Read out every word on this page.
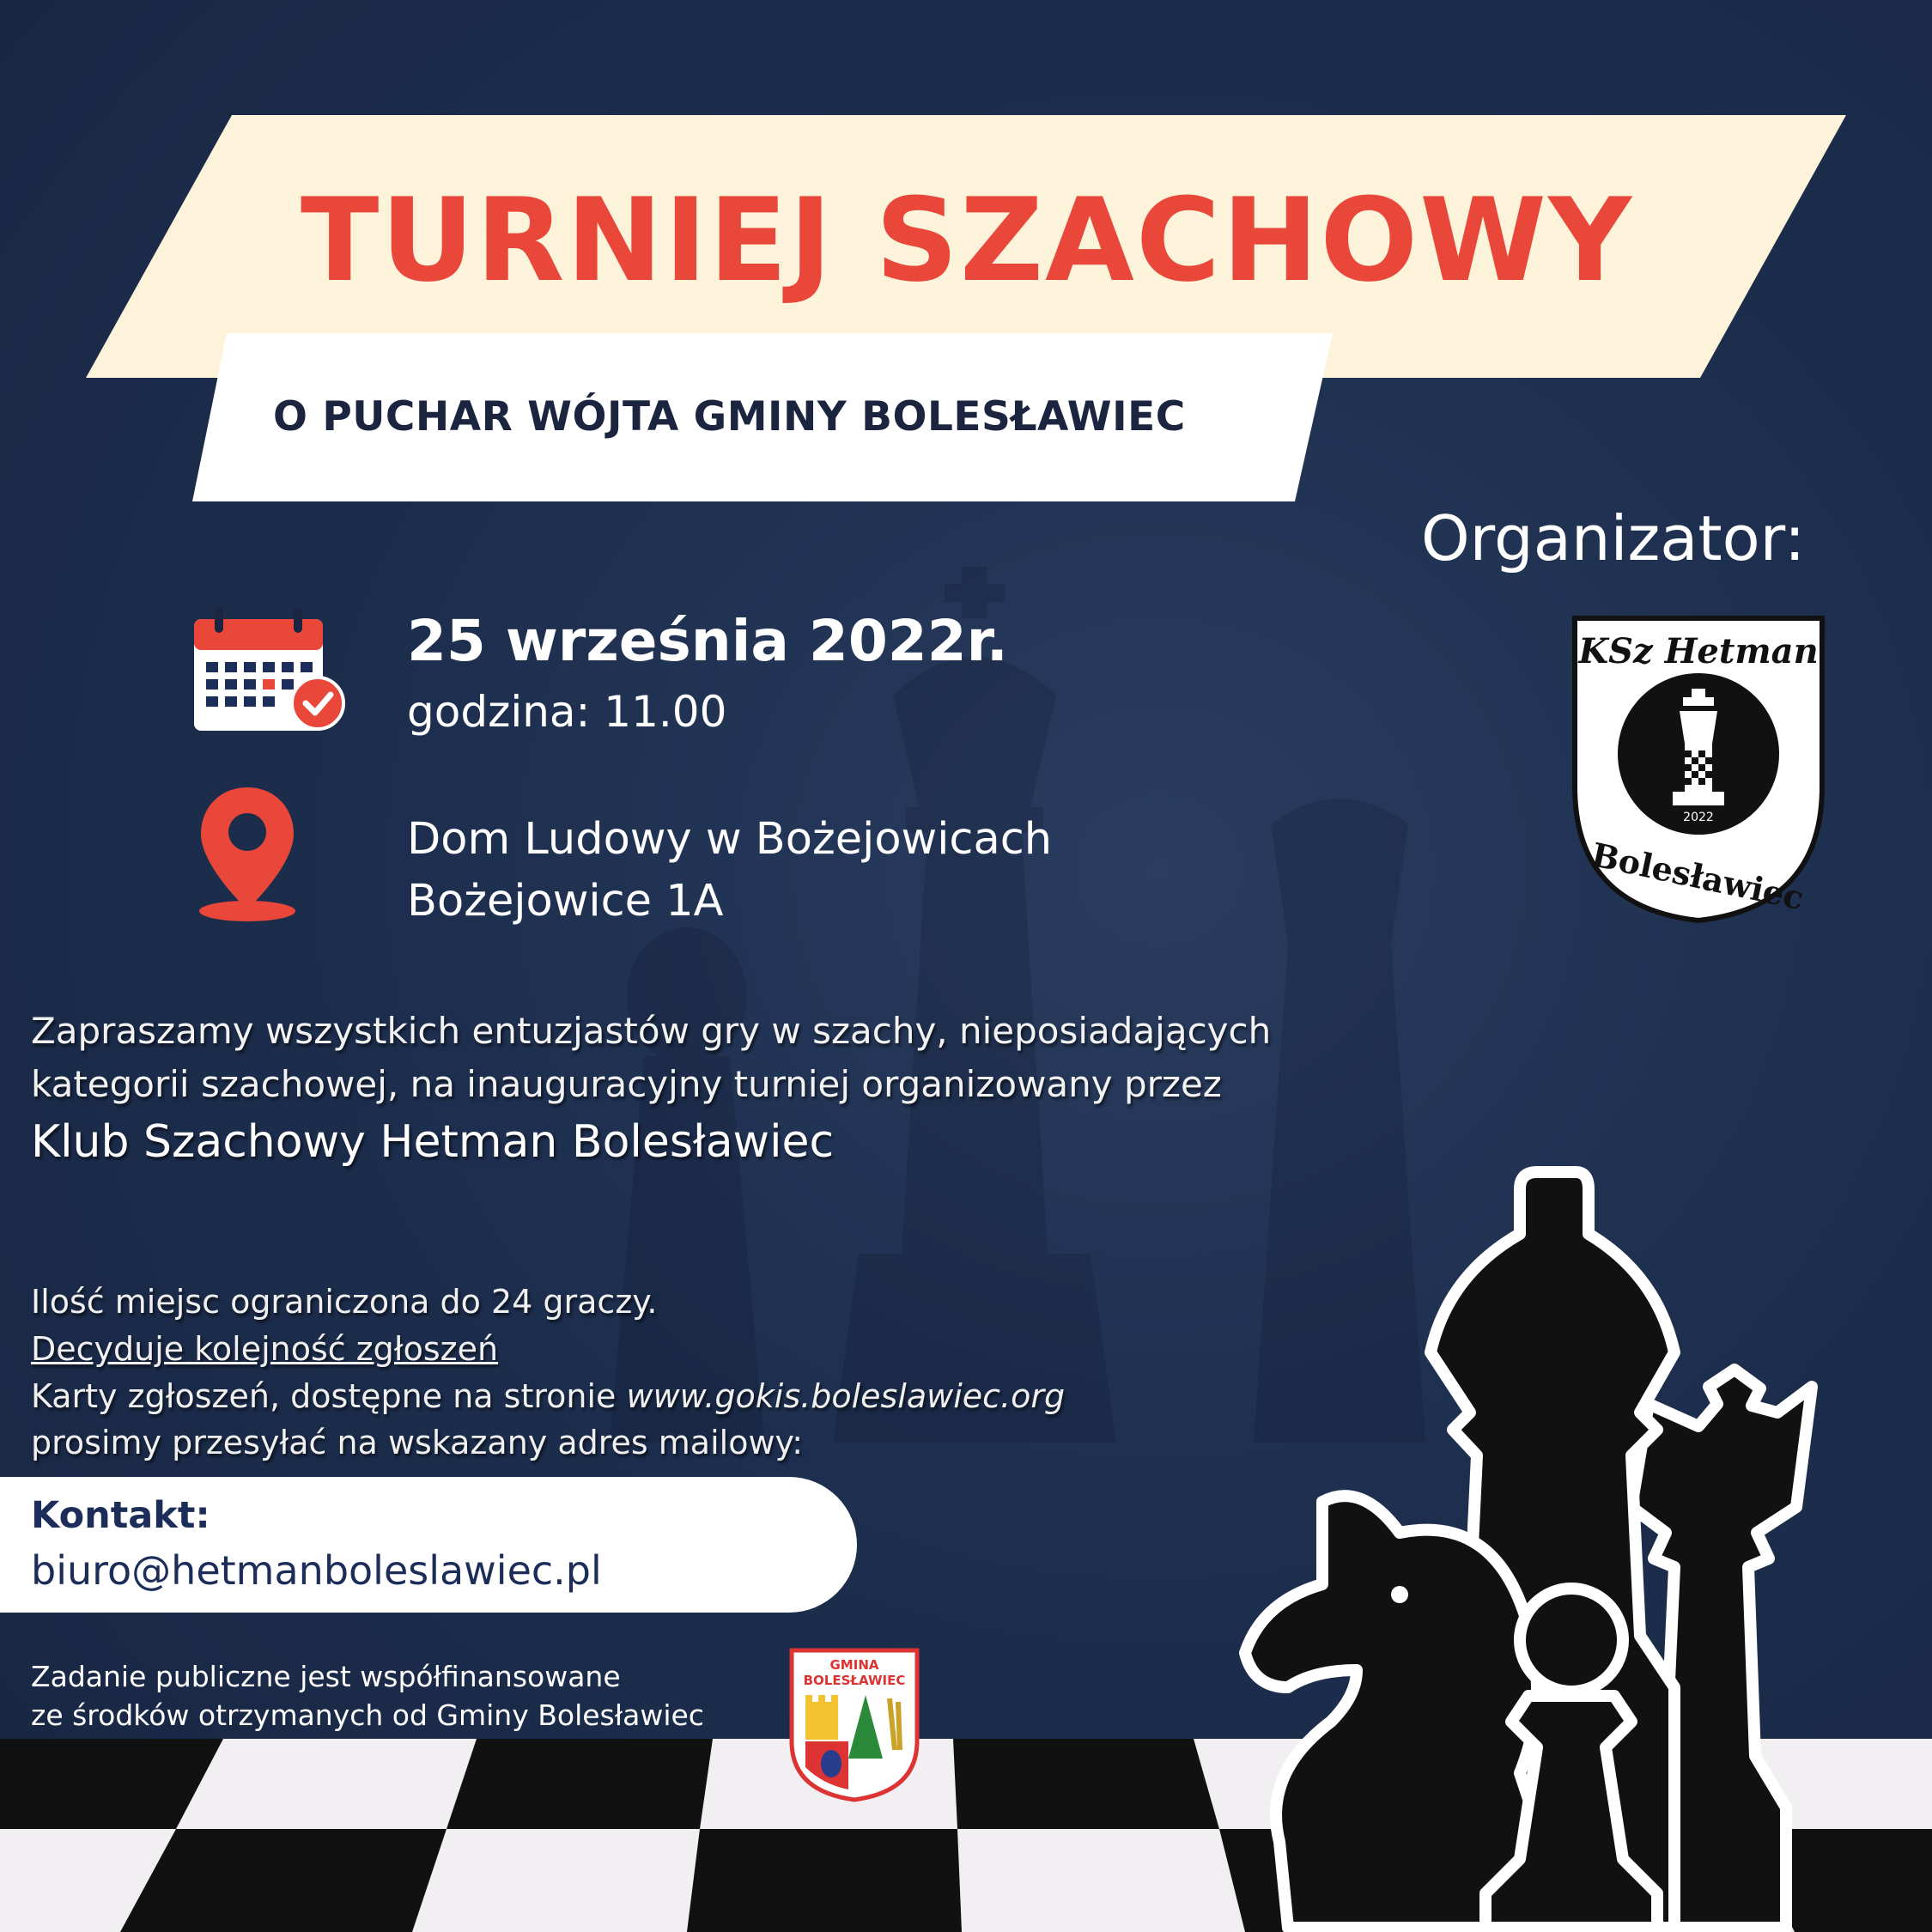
TURNIEJ SZACHOWY
O PUCHAR WÓJTA GMINY BOLESŁAWIEC
Organizator:
KSz Hetman
2022
Bolesławiec
25 września 2022r.
godzina: 11.00
Dom Ludowy w Bożejowicach
Bożejowice 1A
Zapraszamy wszystkich entuzjastów gry w szachy, nieposiadających
kategorii szachowej, na inauguracyjny turniej organizowany przez
Klub Szachowy Hetman Bolesławiec
Ilość miejsc ograniczona do 24 graczy.
Decyduje kolejność zgłoszeń
Karty zgłoszeń, dostępne na stronie www.gokis.boleslawiec.org
prosimy przesyłać na wskazany adres mailowy:
Kontakt:
biuro@hetmanboleslawiec.pl
Zadanie publiczne jest współfinansowane
ze środków otrzymanych od Gminy Bolesławiec
GMINA
BOLESŁAWIEC
